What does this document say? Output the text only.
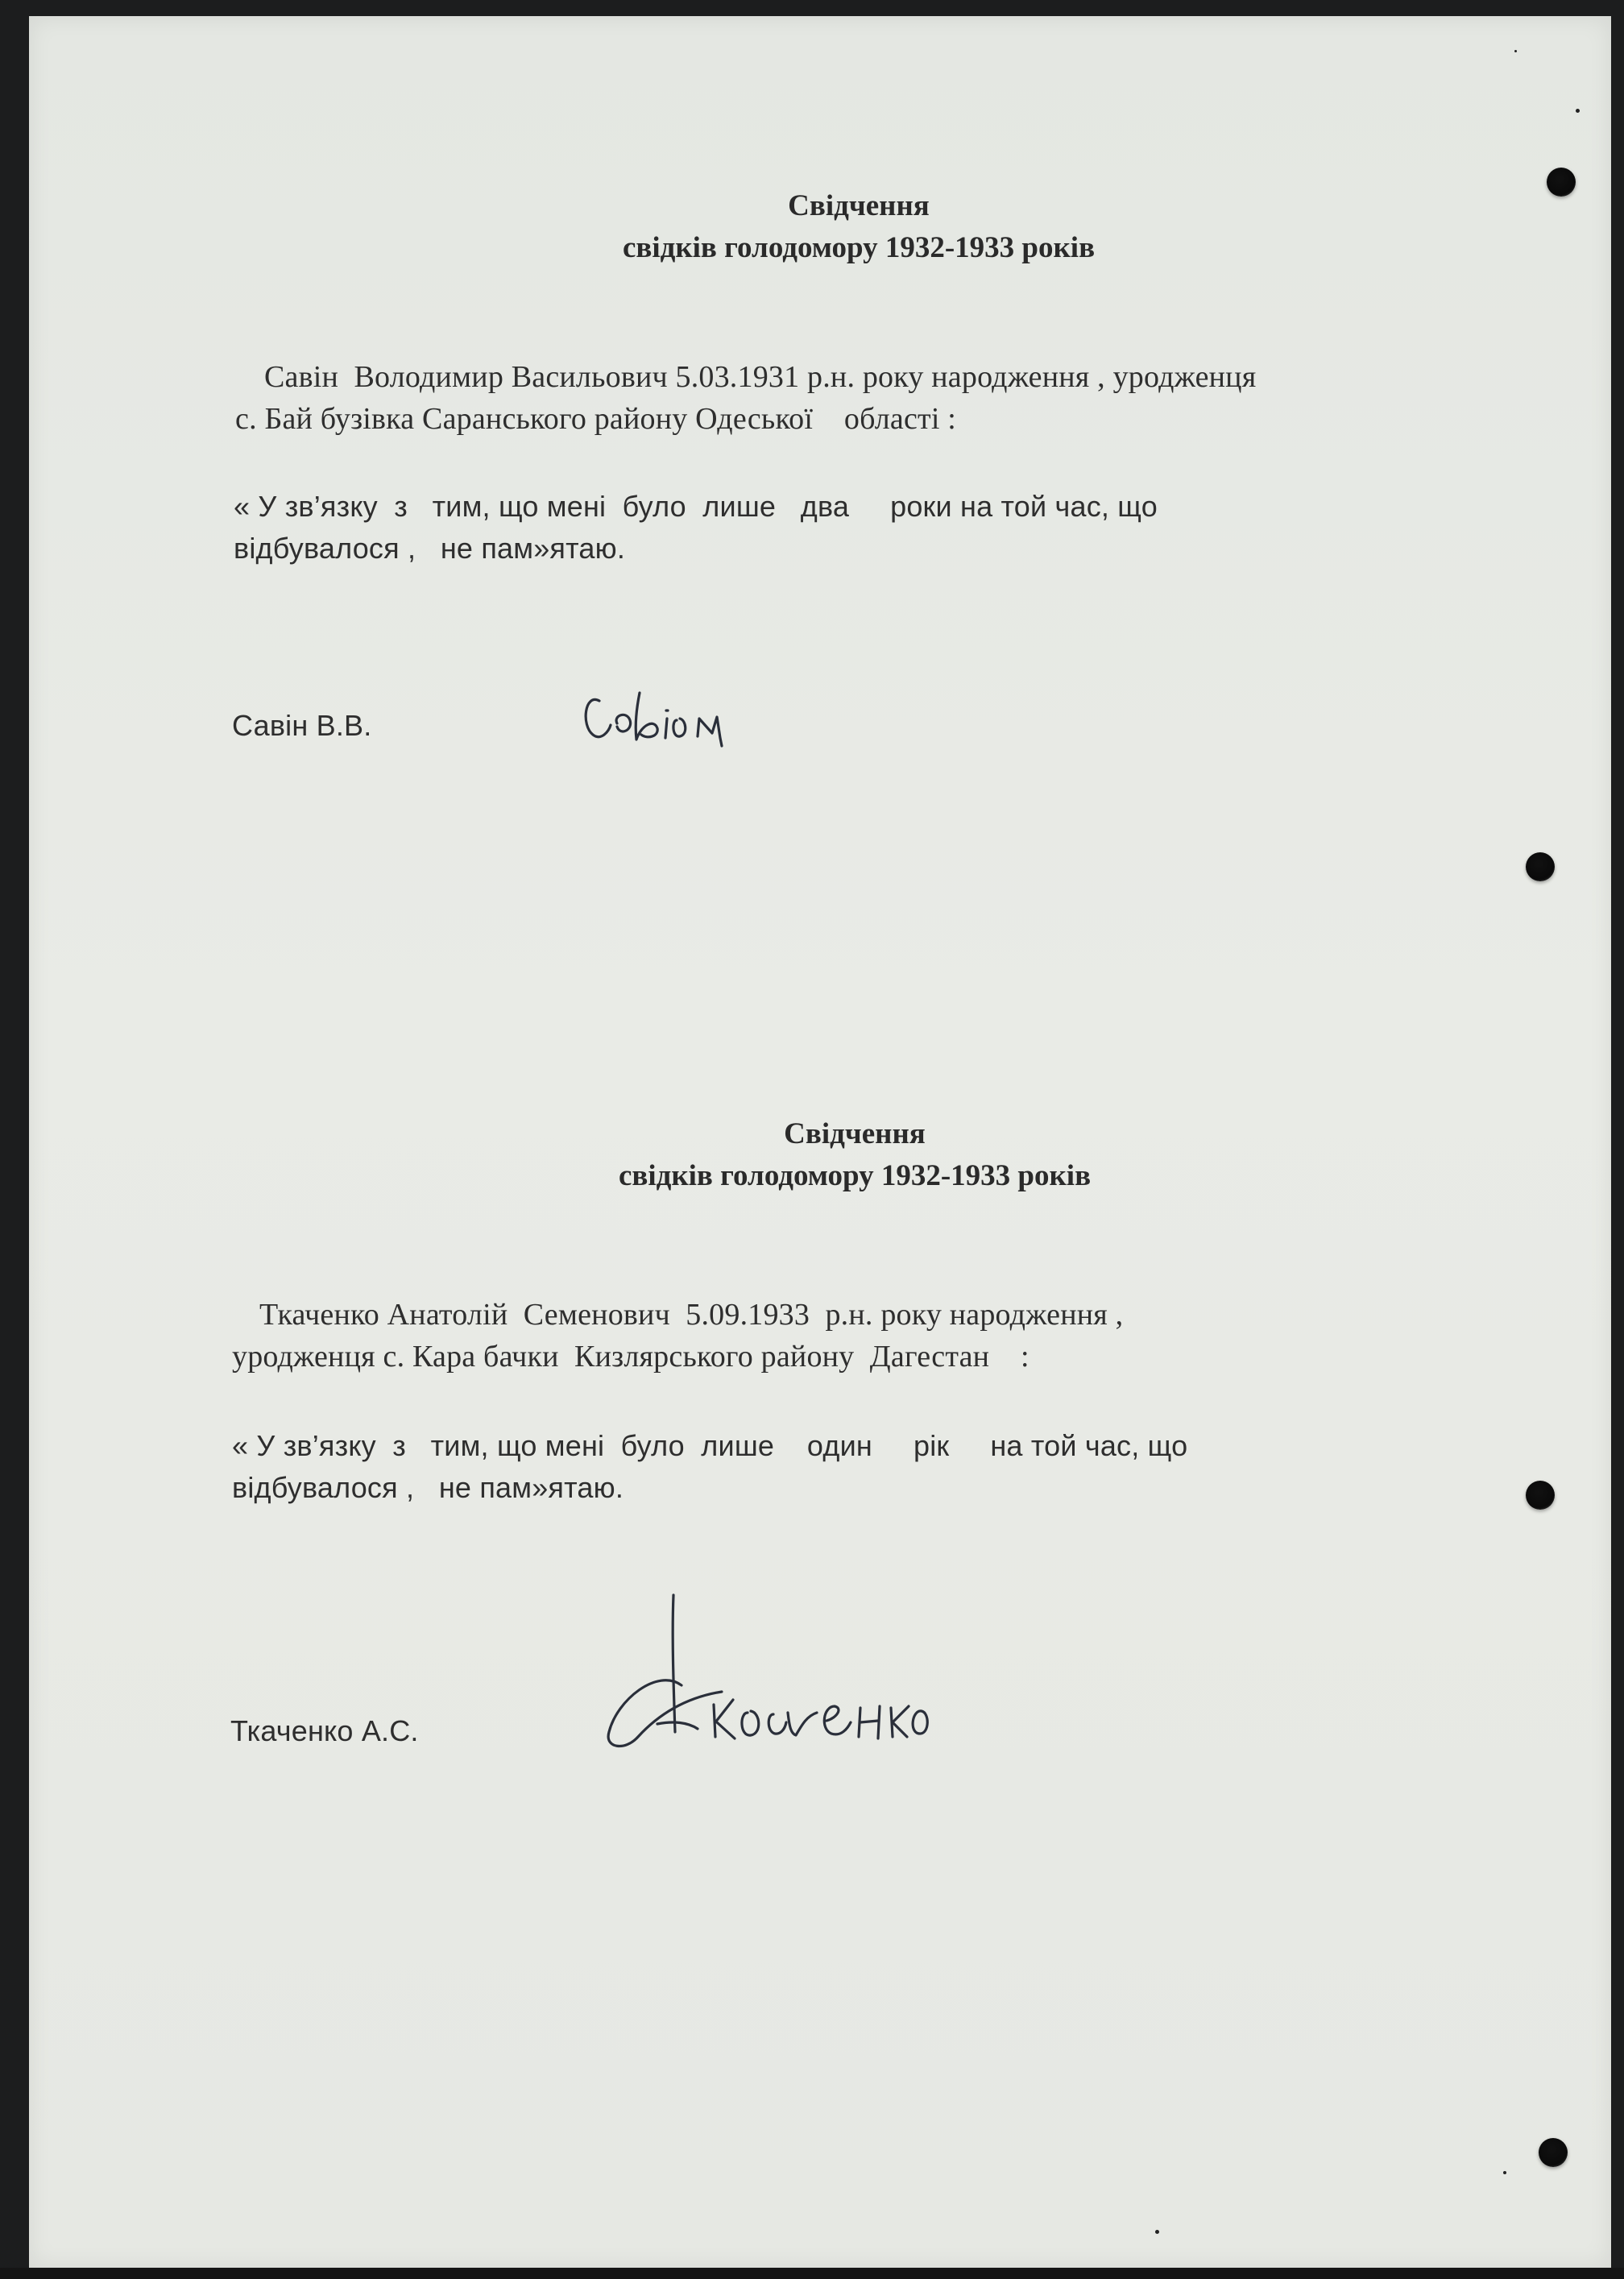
Свідчення
свідків голодомору 1932-1933 років
Савін  Володимир Васильович 5.03.1931 р.н. року народження , уродженця
с. Бай бузівка Саранського району Одеської    області :
« У зв’язку  з   тим, що мені  було  лише   два     роки на той час, що
відбувалося ,   не пам»ятаю.
Савін В.В.
Свідчення
свідків голодомору 1932-1933 років
Ткаченко Анатолій  Семенович  5.09.1933  р.н. року народження ,
уродженця с. Кара бачки  Кизлярського району  Дагестан    :
« У зв’язку  з   тим, що мені  було  лише    один     рік     на той час, що
відбувалося ,   не пам»ятаю.
Ткаченко А.С.
